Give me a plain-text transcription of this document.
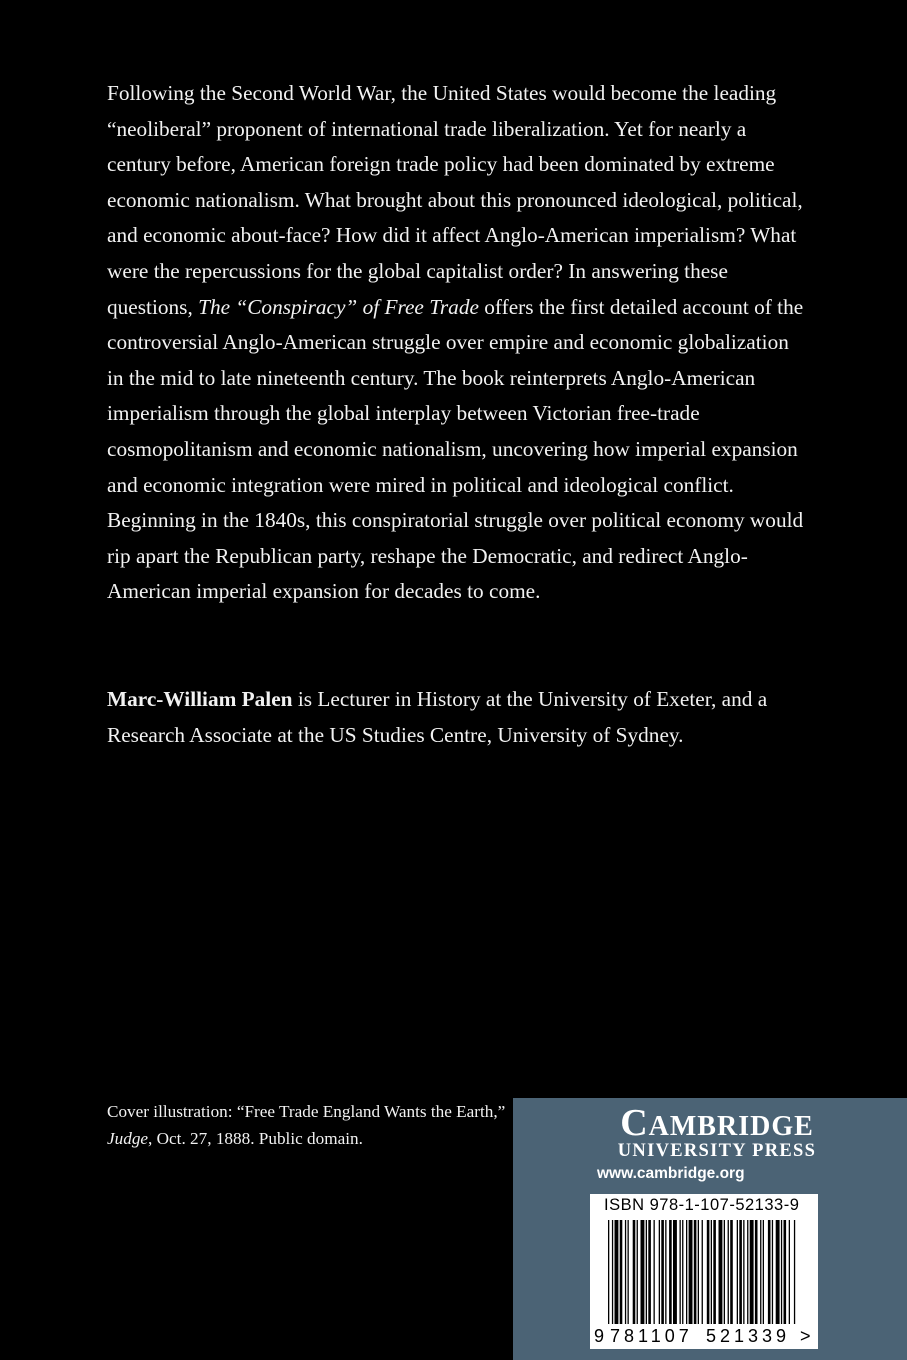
Following the Second World War, the United States would become the leading “neoliberal” proponent of international trade liberalization. Yet for nearly a century before, American foreign trade policy had been dominated by extreme economic nationalism. What brought about this pronounced ideological, political, and economic about-face? How did it affect Anglo-American imperialism? What were the repercussions for the global capitalist order? In answering these questions, The “Conspiracy” of Free Trade offers the first detailed account of the controversial Anglo-American struggle over empire and economic globalization in the mid to late nineteenth century. The book reinterprets Anglo-American imperialism through the global interplay between Victorian free-trade cosmopolitanism and economic nationalism, uncovering how imperial expansion and economic integration were mired in political and ideological conflict. Beginning in the 1840s, this conspiratorial struggle over political economy would rip apart the Republican party, reshape the Democratic, and redirect Anglo-American imperial expansion for decades to come.

Marc-William Palen is Lecturer in History at the University of Exeter, and a Research Associate at the US Studies Centre, University of Sydney.

Cover illustration: “Free Trade England Wants the Earth,” Judge, Oct. 27, 1888. Public domain.	CAMBRIDGE
UNIVERSITY PRESS
www.cambridge.org
ISBN 978-1-107-52133-9
9 781107 521339 >
